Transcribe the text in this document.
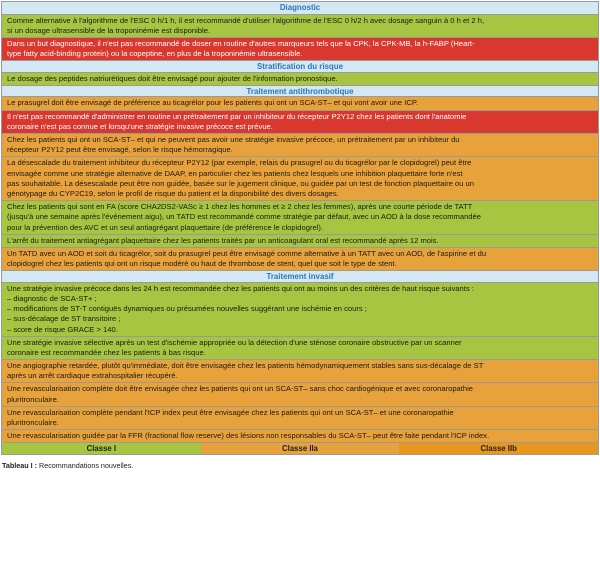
Diagnostic
Comme alternative à l'algorithme de l'ESC 0 h/1 h, il est recommandé d'utiliser l'algorithme de l'ESC 0 h/2 h avec dosage sanguin à 0 h et 2 h,
si un dosage ultrasensible de la troponinémie est disponible.
Dans un but diagnostique, il n'est pas recommandé de doser en routine d'autres marqueurs tels que la CPK, la CPK-MB, la h-FABP (Heart-
type fatty acid-binding protein) ou la copeptine, en plus de la troponinémie ultrasensible.
Stratification du risque
Le dosage des peptides natriurétiques doit être envisagé pour ajouter de l'information pronostique.
Traitement antithrombotique
Le prasugrel doit être envisagé de préférence au ticagrélor pour les patients qui ont un SCA-ST– et qui vont avoir une ICP.
Il n'est pas recommandé d'administrer en routine un prétraitement par un inhibiteur du récepteur P2Y12 chez les patients dont l'anatomie
coronaire n'est pas connue et lorsqu'une stratégie invasive précoce est prévue.
Chez les patients qui ont un SCA-ST– et qui ne peuvent pas avoir une stratégie invasive précoce, un prétraitement par un inhibiteur du
récepteur P2Y12 peut être envisagé, selon le risque hémorragique.
La désescalade du traitement inhibiteur du récepteur P2Y12 (par exemple, relais du prasugrel ou du ticagrélor par le clopidogrel) peut être
envisagée comme une stratégie alternative de DAAP, en particulier chez les patients chez lesquels une inhibition plaquettaire forte n'est
pas souhaitable. La désescalade peut être non guidée, basée sur le jugement clinique, ou guidée par un test de fonction plaquettaire ou un
génotypage du CYP2C19, selon le profil de risque du patient et la disponibilité des divers dosages.
Chez les patients qui sont en FA (score CHA2DS2-VASc ≥ 1 chez les hommes et ≥ 2 chez les femmes), après une courte période de TATT
(jusqu'à une semaine après l'événement aigu), un TATD est recommandé comme stratégie par défaut, avec un AOD à la dose recommandée
pour la prévention des AVC et un seul antiagrégant plaquettaire (de préférence le clopidogrel).
L'arrêt du traitement antiagrégant plaquettaire chez les patients traités par un anticoagulant oral est recommandé après 12 mois.
Un TATD avec un AOD et soit du ticagrélor, soit du prasugrel peut être envisagé comme alternative à un TATT avec un AOD, de l'aspirine et du
clopidogrel chez les patients qui ont un risque modéré ou haut de thrombose de stent, quel que soit le type de stent.
Traitement invasif
Une stratégie invasive précoce dans les 24 h est recommandée chez les patients qui ont au moins un des critères de haut risque suivants :
– diagnostic de SCA-ST+ ;
– modifications de ST-T contiguës dynamiques ou présumées nouvelles suggérant une ischémie en cours ;
– sus-décalage de ST transitoire ;
– score de risque GRACE > 140.
Une stratégie invasive sélective après un test d'ischémie appropriée ou la détection d'une sténose coronaire obstructive par un scanner
coronaire est recommandée chez les patients à bas risque.
Une angiographie retardée, plutôt qu'immédiate, doit être envisagée chez les patients hémodynamiquement stables sans sus-décalage de ST
après un arrêt cardiaque extrahospitalier récupéré.
Une revascularisation complète doit être envisagée chez les patients qui ont un SCA-ST– sans choc cardiogénique et avec coronaropathie
pluritronculaire.
Une revascularisation complète pendant l'ICP index peut être envisagée chez les patients qui ont un SCA-ST– et une coronaropathie
pluritronculaire.
Une revascularisation guidée par la FFR (fractional flow reserve) des lésions non responsables du SCA-ST– peut être faite pendant l'ICP index.
Classe I	Classe IIa	Classe IIb
Tableau I : Recommandations nouvelles.
